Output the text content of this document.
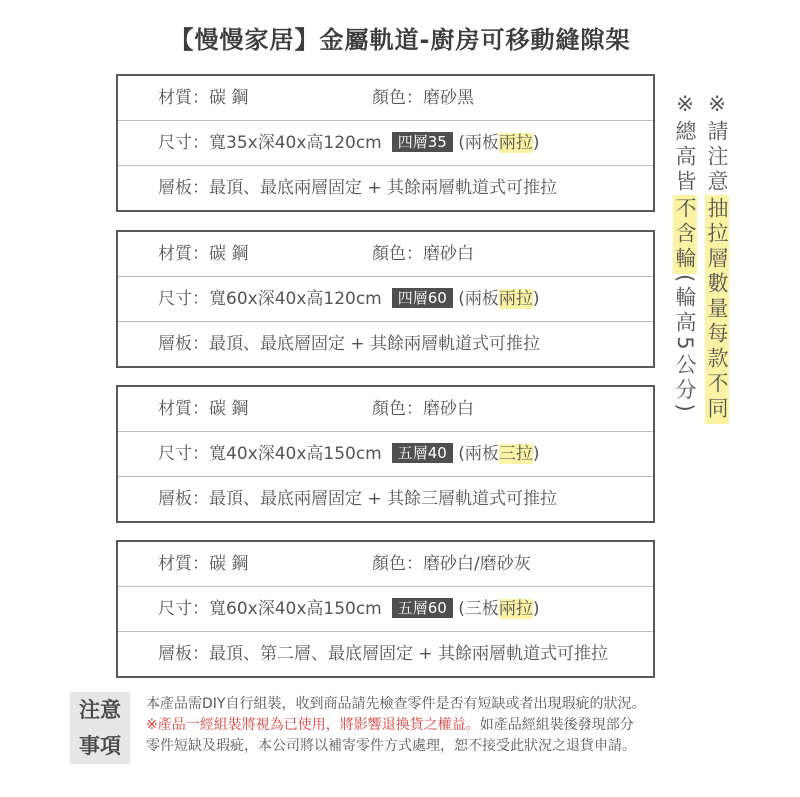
【慢慢家居】金屬軌道-廚房可移動縫隙架
材質：碳 鋼	顏色：磨砂黑
尺寸：寬35x深40x高120cm 四層35 (兩板兩拉)
層板：最頂、最底兩層固定 + 其餘兩層軌道式可推拉
材質：碳 鋼	顏色：磨砂白
尺寸：寬60x深40x高120cm 四層60 (兩板兩拉)
層板：最頂、最底層固定 + 其餘兩層軌道式可推拉
材質：碳 鋼	顏色：磨砂白
尺寸：寬40x深40x高150cm 五層40 (兩板三拉)
層板：最頂、最底兩層固定 + 其餘三層軌道式可推拉
材質：碳 鋼	顏色：磨砂白/磨砂灰
尺寸：寬60x深40x高150cm 五層60 (三板兩拉)
層板：最頂、第二層、最底層固定 + 其餘兩層軌道式可推拉
※請注意抽拉層數量每款不同
※總高皆不含輪(輪高5公分)
注意
事項
本產品需DIY自行組裝，收到商品請先檢查零件是否有短缺或者出現瑕疵的狀況。
※產品一經組裝將視為已使用，將影響退換貨之權益。如產品經組裝後發現部分
零件短缺及瑕疵，本公司將以補寄零件方式處理，恕不接受此狀況之退貨申請。
